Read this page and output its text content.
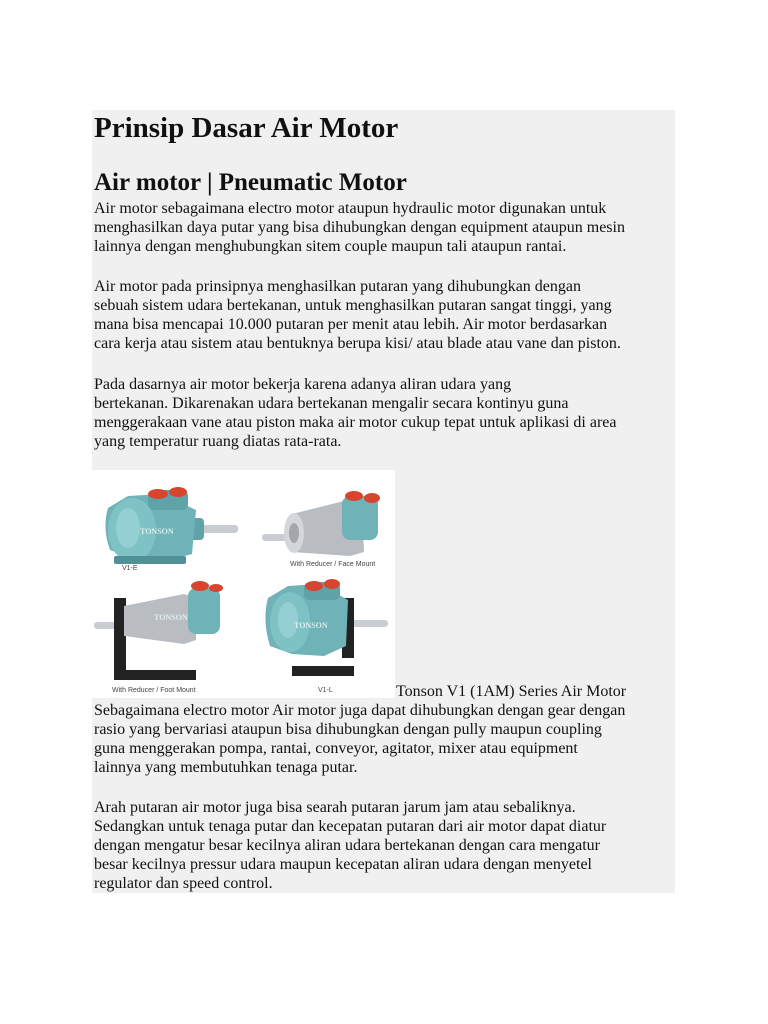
Prinsip Dasar Air Motor
Air motor | Pneumatic Motor
Air motor sebagaimana electro motor ataupun hydraulic motor digunakan untuk
menghasilkan daya putar yang bisa dihubungkan dengan equipment ataupun mesin
lainnya dengan menghubungkan sitem couple maupun tali ataupun rantai.
Air motor pada prinsipnya menghasilkan putaran yang dihubungkan dengan
sebuah sistem udara bertekanan, untuk menghasilkan putaran sangat tinggi, yang
mana bisa mencapai 10.000 putaran per menit atau lebih. Air motor berdasarkan
cara kerja atau sistem atau bentuknya berupa kisi/ atau blade atau vane dan piston.
Pada dasarnya air motor bekerja karena adanya aliran udara yang
bertekanan. Dikarenakan udara bertekanan mengalir secara kontinyu guna
menggerakaan vane atau piston maka air motor cukup tepat untuk aplikasi di area
yang temperatur ruang diatas rata-rata.
TONSON
V1-E
With Reducer / Face Mount
TONSON
With Reducer / Foot Mount
TONSON
V1-L	Tonson V1 (1AM) Series Air Motor
Sebagaimana electro motor Air motor juga dapat dihubungkan dengan gear dengan
rasio yang bervariasi ataupun bisa dihubungkan dengan pully maupun coupling
guna menggerakan pompa, rantai, conveyor, agitator, mixer atau equipment
lainnya yang membutuhkan tenaga putar.
Arah putaran air motor juga bisa searah putaran jarum jam atau sebaliknya.
Sedangkan untuk tenaga putar dan kecepatan putaran dari air motor dapat diatur
dengan mengatur besar kecilnya aliran udara bertekanan dengan cara mengatur
besar kecilnya pressur udara maupun kecepatan aliran udara dengan menyetel
regulator dan speed control.
